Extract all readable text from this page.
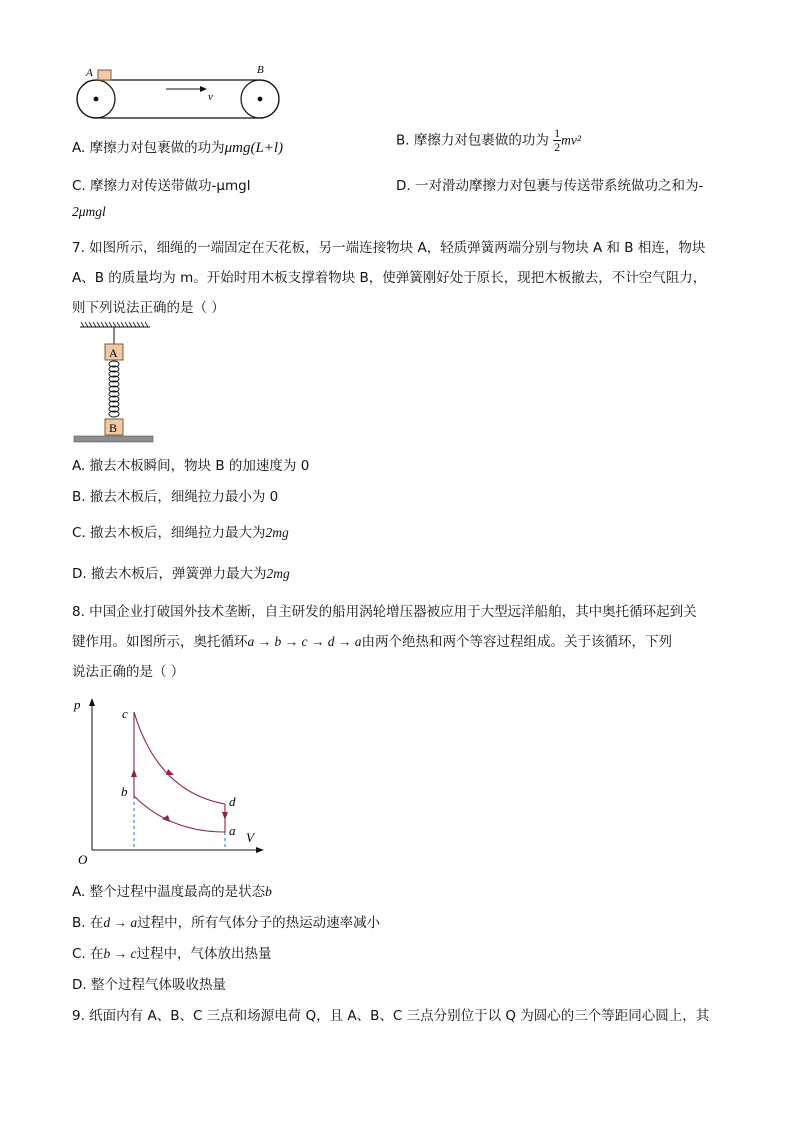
A	B
v
A. 摩擦力对包裹做的功为μmg(L+l)	B. 摩擦力对包裹做的功为 $\frac{1}{2} mv^2$
C. 摩擦力对传送带做功-μmgl	D. 一对滑动摩擦力对包裹与传送带系统做功之和为-
2μmgl
7. 如图所示，细绳的一端固定在天花板，另一端连接物块 A，轻质弹簧两端分别与物块 A 和 B 相连，物块
A、B 的质量均为 m。开始时用木板支撑着物块 B，使弹簧刚好处于原长，现把木板撤去，不计空气阻力，
则下列说法正确的是（ ）
A
B
A. 撤去木板瞬间，物块 B 的加速度为 0
B. 撤去木板后，细绳拉力最小为 0
C. 撤去木板后，细绳拉力最大为2mg
D. 撤去木板后，弹簧弹力最大为2mg
8. 中国企业打破国外技术垄断，自主研发的船用涡轮增压器被应用于大型远洋船舶，其中奥托循环起到关
键作用。如图所示，奥托循环a → b → c → d → a由两个绝热和两个等容过程组成。关于该循环，下列
说法正确的是（ ）
p
V
O
c
b
d
a
A. 整个过程中温度最高的是状态b
B. 在d → a过程中，所有气体分子的热运动速率减小
C. 在b → c过程中，气体放出热量
D. 整个过程气体吸收热量
9. 纸面内有 A、B、C 三点和场源电荷 Q，且 A、B、C 三点分别位于以 Q 为圆心的三个等距同心圆上，其
